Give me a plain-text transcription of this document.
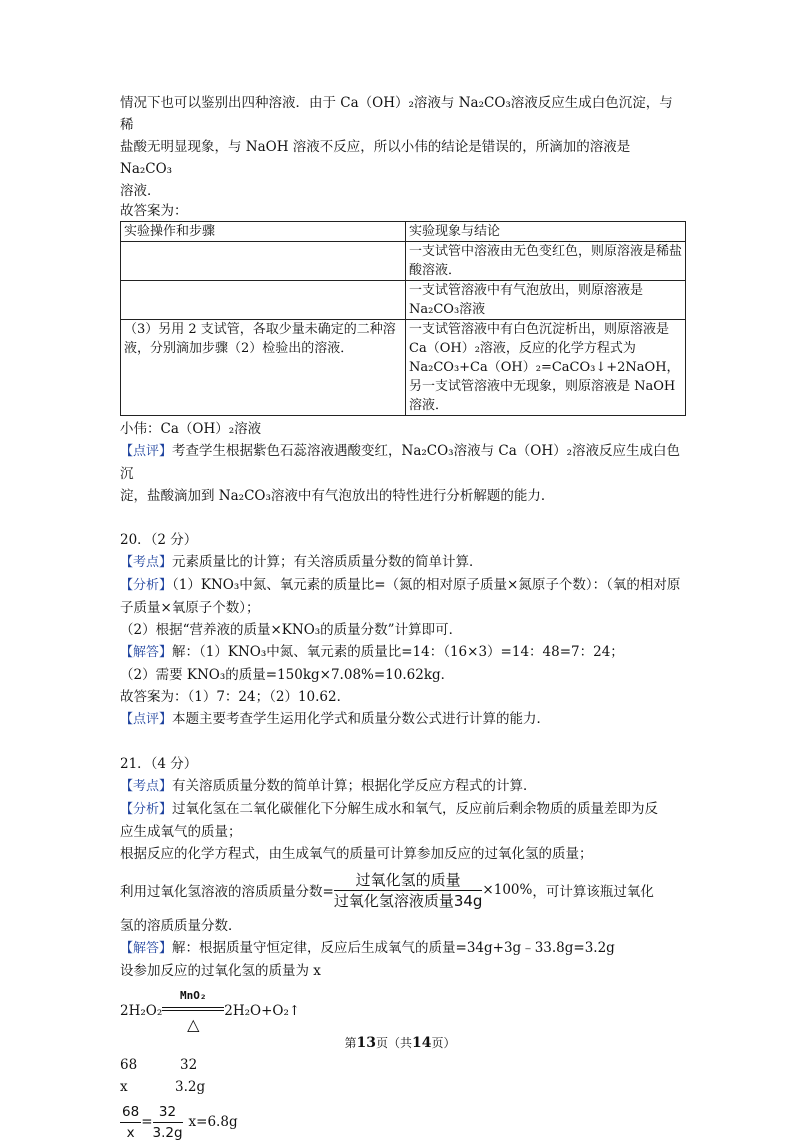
情况下也可以鉴别出四种溶液．由于 Ca（OH）₂溶液与 Na₂CO₃溶液反应生成白色沉淀，与稀

盐酸无明显现象，与 NaOH 溶液不反应，所以小伟的结论是错误的，所滴加的溶液是 Na₂CO₃

溶液．

故答案为：

实验操作和步骤	实验现象与结论
	一支试管中溶液由无色变红色，则原溶液是稀盐酸溶液．
	一支试管溶液中有气泡放出，则原溶液是Na₂CO₃溶液
（3）另用 2 支试管，各取少量未确定的二种溶液，分别滴加步骤（2）检验出的溶液．	一支试管溶液中有白色沉淀析出，则原溶液是 Ca（OH）₂溶液，反应的化学方程式为 Na₂CO₃+Ca（OH）₂=CaCO₃↓+2NaOH，另一支试管溶液中无现象，则原溶液是 NaOH 溶液．

小伟：Ca（OH）₂溶液

【点评】考查学生根据紫色石蕊溶液遇酸变红，Na₂CO₃溶液与 Ca（OH）₂溶液反应生成白色沉

淀，盐酸滴加到 Na₂CO₃溶液中有气泡放出的特性进行分析解题的能力．

20．（2 分）

【考点】元素质量比的计算；有关溶质质量分数的简单计算．

【分析】（1）KNO₃中氮、氧元素的质量比=（氮的相对原子质量×氮原子个数）：（氧的相对原

子质量×氧原子个数）；

（2）根据“营养液的质量×KNO₃的质量分数”计算即可．

【解答】解：（1）KNO₃中氮、氧元素的质量比=14：（16×3）=14：48=7：24；

（2）需要 KNO₃的质量=150kg×7.08%=10.62kg．

故答案为：（1）7：24；（2）10.62．

【点评】本题主要考查学生运用化学式和质量分数公式进行计算的能力．

21．（4 分）

【考点】有关溶质质量分数的简单计算；根据化学反应方程式的计算．

【分析】过氧化氢在二氧化碳催化下分解生成水和氧气，反应前后剩余物质的质量差即为反

应生成氧气的质量；

根据反应的化学方程式，由生成氧气的质量可计算参加反应的过氧化氢的质量；

利用过氧化氢溶液的溶质质量分数= $\frac{\text{过氧化氢的质量}}{\text{过氧化氢溶液质量34g}} \times 100\%$ ，可计算该瓶过氧化

氢的溶质质量分数．

【解答】解：根据质量守恒定律，反应后生成氧气的质量=34g+3g﹣33.8g=3.2g

设参加反应的过氧化氢的质量为 x

2H₂O₂
MnO₂
△
2H₂O+O₂↑

68	32

x	3.2g

$\frac{68}{x} = \frac{32}{3.2g} x=6.8g$
第13页（共14页）
